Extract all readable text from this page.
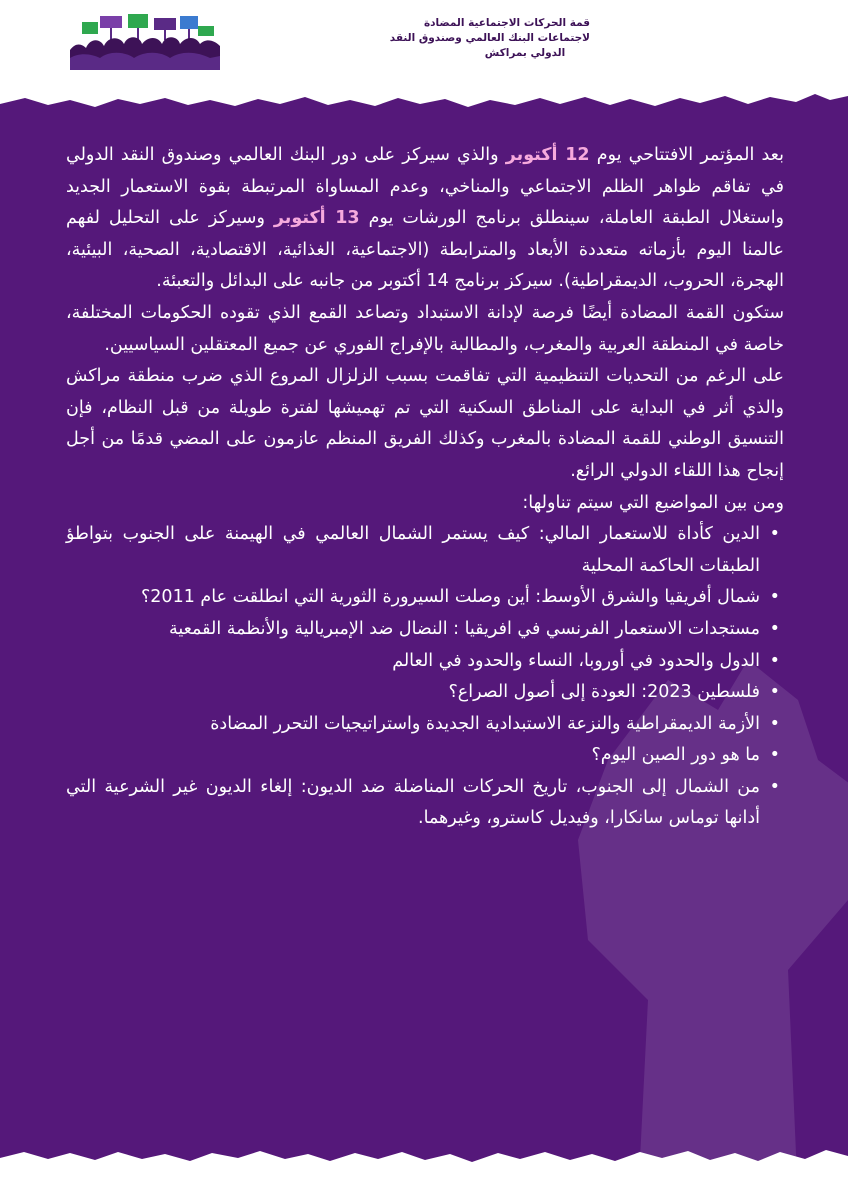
قمة الحركات الاجتماعية المضادة
لاجتماعات البنك العالمي وصندوق النقد
الدولي بمراكش

بعد المؤتمر الافتتاحي يوم 12 أكتوبر والذي سيركز على دور البنك العالمي وصندوق النقد الدولي في تفاقم ظواهر الظلم الاجتماعي والمناخي، وعدم المساواة المرتبطة بقوة الاستعمار الجديد واستغلال الطبقة العاملة، سينطلق برنامج الورشات يوم 13 أكتوبر وسيركز على التحليل لفهم عالمنا اليوم بأزماته متعددة الأبعاد والمترابطة (الاجتماعية، الغذائية، الاقتصادية، الصحية، البيئية، الهجرة، الحروب، الديمقراطية). سيركز برنامج 14 أكتوبر من جانبه على البدائل والتعبئة.

ستكون القمة المضادة أيضًا فرصة لإدانة الاستبداد وتصاعد القمع الذي تقوده الحكومات المختلفة، خاصة في المنطقة العربية والمغرب، والمطالبة بالإفراج الفوري عن جميع المعتقلين السياسيين.

على الرغم من التحديات التنظيمية التي تفاقمت بسبب الزلزال المروع الذي ضرب منطقة مراكش والذي أثر في البداية على المناطق السكنية التي تم تهميشها لفترة طويلة من قبل النظام، فإن التنسيق الوطني للقمة المضادة بالمغرب وكذلك الفريق المنظم عازمون على المضي قدمًا من أجل إنجاح هذا اللقاء الدولي الرائع.

ومن بين المواضيع التي سيتم تناولها:

• الدين كأداة للاستعمار المالي: كيف يستمر الشمال العالمي في الهيمنة على الجنوب بتواطؤ الطبقات الحاكمة المحلية
• شمال أفريقيا والشرق الأوسط: أين وصلت السيرورة الثورية التي انطلقت عام 2011؟
• مستجدات الاستعمار الفرنسي في افريقيا : النضال ضد الإمبريالية والأنظمة القمعية
• الدول والحدود في أوروبا، النساء والحدود في العالم
• فلسطين 2023: العودة إلى أصول الصراع؟
• الأزمة الديمقراطية والنزعة الاستبدادية الجديدة واستراتيجيات التحرر المضادة
• ما هو دور الصين اليوم؟
• من الشمال إلى الجنوب، تاريخ الحركات المناضلة ضد الديون: إلغاء الديون غير الشرعية التي أدانها توماس سانكارا، وفيديل كاسترو، وغيرهما.
